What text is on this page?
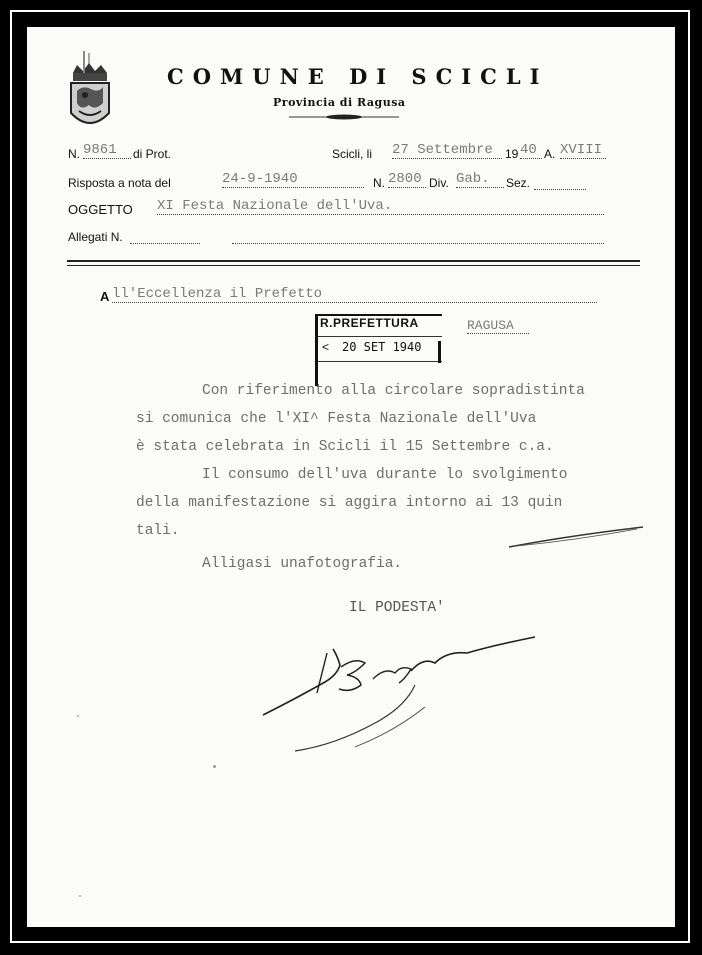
COMUNE DI SCICLI
Provincia di Ragusa
N. 9861	di Prot.	Scicli, li 27 Settembre	19 40 A. XVIII
Risposta a nota del	24-9-1940	N. 2800 Div. Gab.	Sez.
OGGETTO XI Festa Nazionale dell'Uva.
Allegati N.
A ll'Eccellenza il Prefetto
RAGUSA
R.PREFETTURA
< 20 SET 1940
Con riferimento alla circolare sopradistinta
si comunica che l'XI^ Festa Nazionale dell'Uva
è stata celebrata in Scicli il 15 Settembre c.a.
Il consumo dell'uva durante lo svolgimento
della manifestazione si aggira intorno ai 13 quin
tali.
Alligasi unafotografia.
IL PODESTA'
